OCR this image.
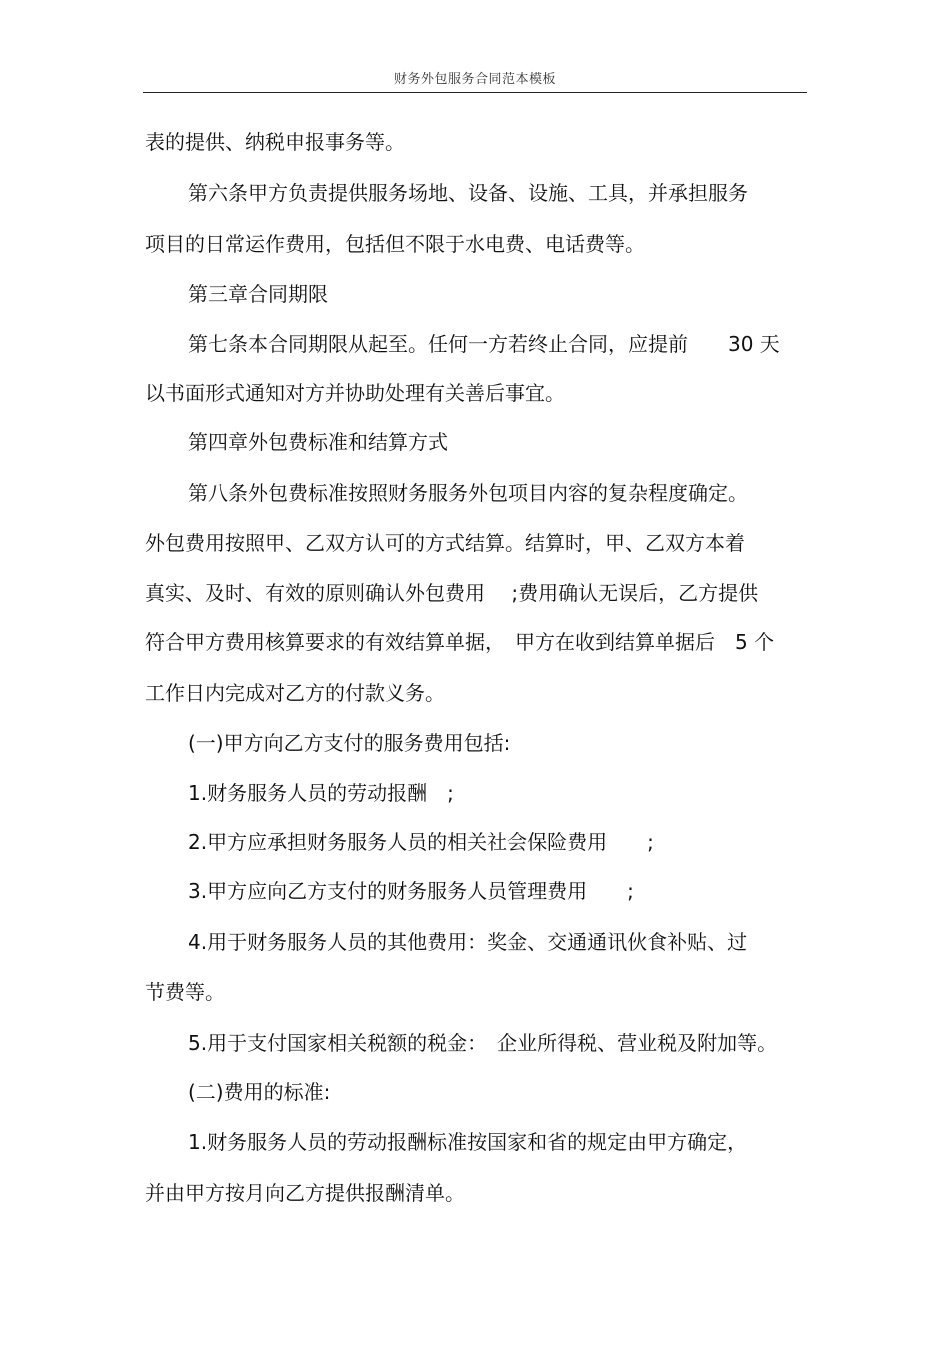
财务外包服务合同范本模板
表的提供、纳税申报事务等。
第六条甲方负责提供服务场地、设备、设施、工具，并承担服务
项目的日常运作费用，包括但不限于水电费、电话费等。
第三章合同期限
第七条本合同期限从起至。任何一方若终止合同，应提前　　30 天
以书面形式通知对方并协助处理有关善后事宜。
第四章外包费标准和结算方式
第八条外包费标准按照财务服务外包项目内容的复杂程度确定。
外包费用按照甲、乙双方认可的方式结算。结算时，甲、乙双方本着
真实、及时、有效的原则确认外包费用　 ;费用确认无误后，乙方提供
符合甲方费用核算要求的有效结算单据，　甲方在收到结算单据后　5 个
工作日内完成对乙方的付款义务。
(一)甲方向乙方支付的服务费用包括:
1.财务服务人员的劳动报酬　;
2.甲方应承担财务服务人员的相关社会保险费用　　;
3.甲方应向乙方支付的财务服务人员管理费用　　;
4.用于财务服务人员的其他费用：奖金、交通通讯伙食补贴、过
节费等。
5.用于支付国家相关税额的税金：　企业所得税、营业税及附加等。
(二)费用的标准:
1.财务服务人员的劳动报酬标准按国家和省的规定由甲方确定，
并由甲方按月向乙方提供报酬清单。
